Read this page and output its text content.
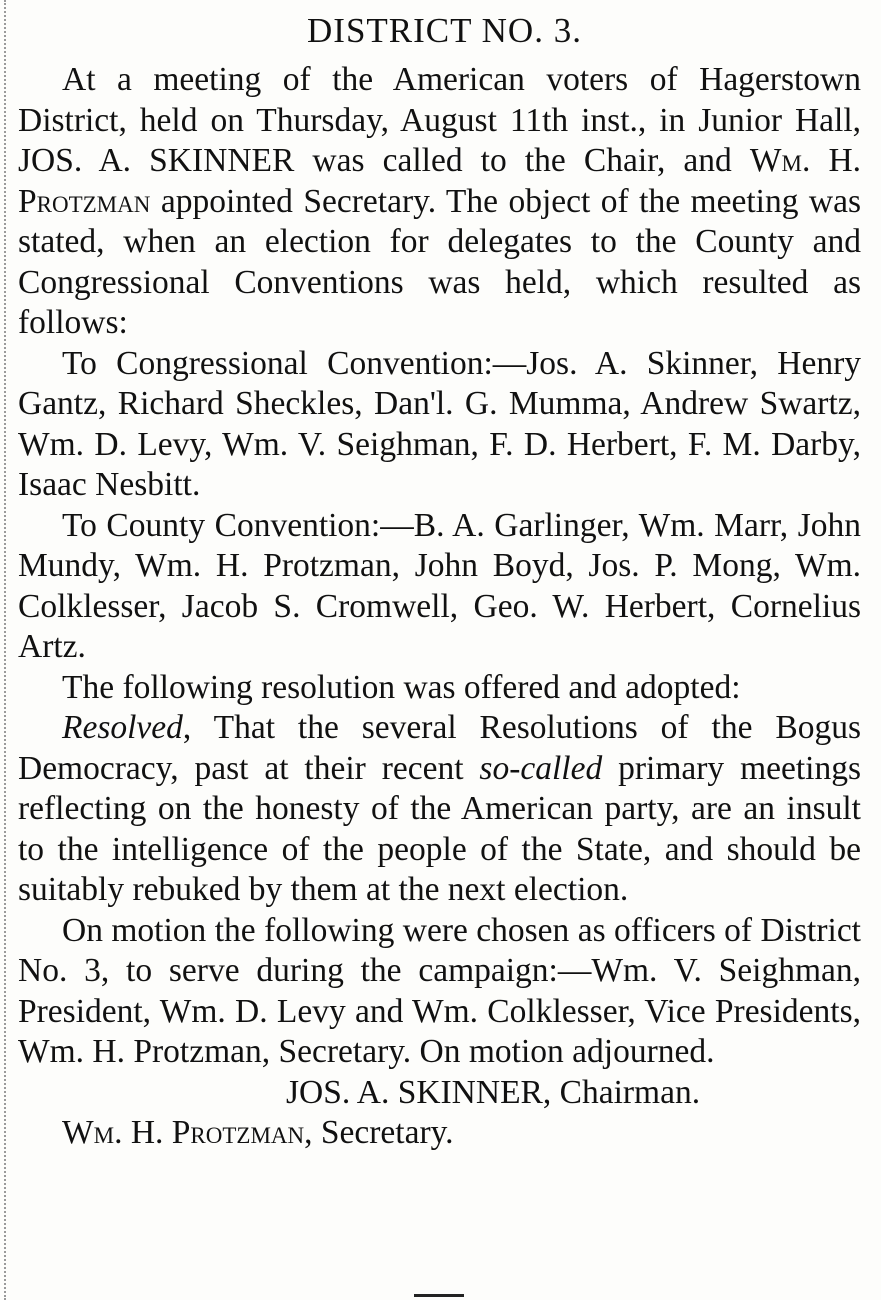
DISTRICT NO. 3.

At a meeting of the American voters of Hagerstown District, held on Thursday, August 11th inst., in Junior Hall, JOS. A. SKINNER was called to the Chair, and Wm. H. Protzman appointed Secretary. The object of the meeting was stated, when an election for delegates to the County and Congressional Conventions was held, which resulted as follows:

To Congressional Convention:—Jos. A. Skinner, Henry Gantz, Richard Sheckles, Dan'l. G. Mumma, Andrew Swartz, Wm. D. Levy, Wm. V. Seighman, F. D. Herbert, F. M. Darby, Isaac Nesbitt.

To County Convention:—B. A. Garlinger, Wm. Marr, John Mundy, Wm. H. Protzman, John Boyd, Jos. P. Mong, Wm. Colklesser, Jacob S. Cromwell, Geo. W. Herbert, Cornelius Artz.

The following resolution was offered and adopted:

Resolved, That the several Resolutions of the Bogus Democracy, past at their recent so-called primary meetings reflecting on the honesty of the American party, are an insult to the intelligence of the people of the State, and should be suitably rebuked by them at the next election.

On motion the following were chosen as officers of District No. 3, to serve during the campaign:—Wm. V. Seighman, President, Wm. D. Levy and Wm. Colklesser, Vice Presidents, Wm. H. Protzman, Secretary. On motion adjourned.

JOS. A. SKINNER, Chairman.

Wm. H. Protzman, Secretary.
